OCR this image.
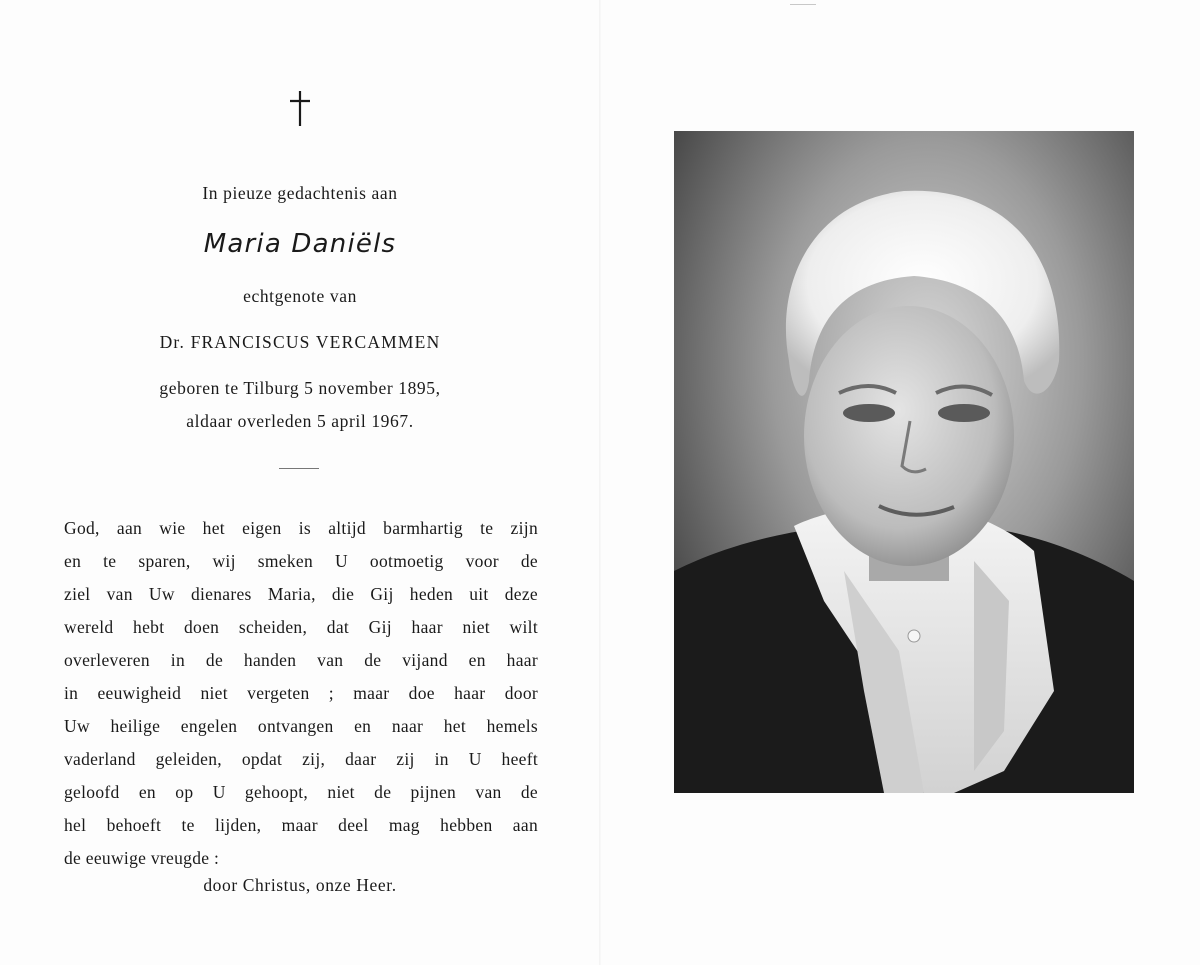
In pieuze gedachtenis aan
Maria Daniëls
echtgenote van
Dr. FRANCISCUS VERCAMMEN
geboren te Tilburg 5 november 1895,
aldaar overleden 5 april 1967.
God, aan wie het eigen is altijd barmhartig te zijn
en te sparen, wij smeken U ootmoetig voor de
ziel van Uw dienares Maria, die Gij heden uit deze
wereld hebt doen scheiden, dat Gij haar niet wilt
overleveren in de handen van de vijand en haar
in eeuwigheid niet vergeten ; maar doe haar door
Uw heilige engelen ontvangen en naar het hemels
vaderland geleiden, opdat zij, daar zij in U heeft
geloofd en op U gehoopt, niet de pijnen van de
hel behoeft te lijden, maar deel mag hebben aan
de eeuwige vreugde :
door Christus, onze Heer.
